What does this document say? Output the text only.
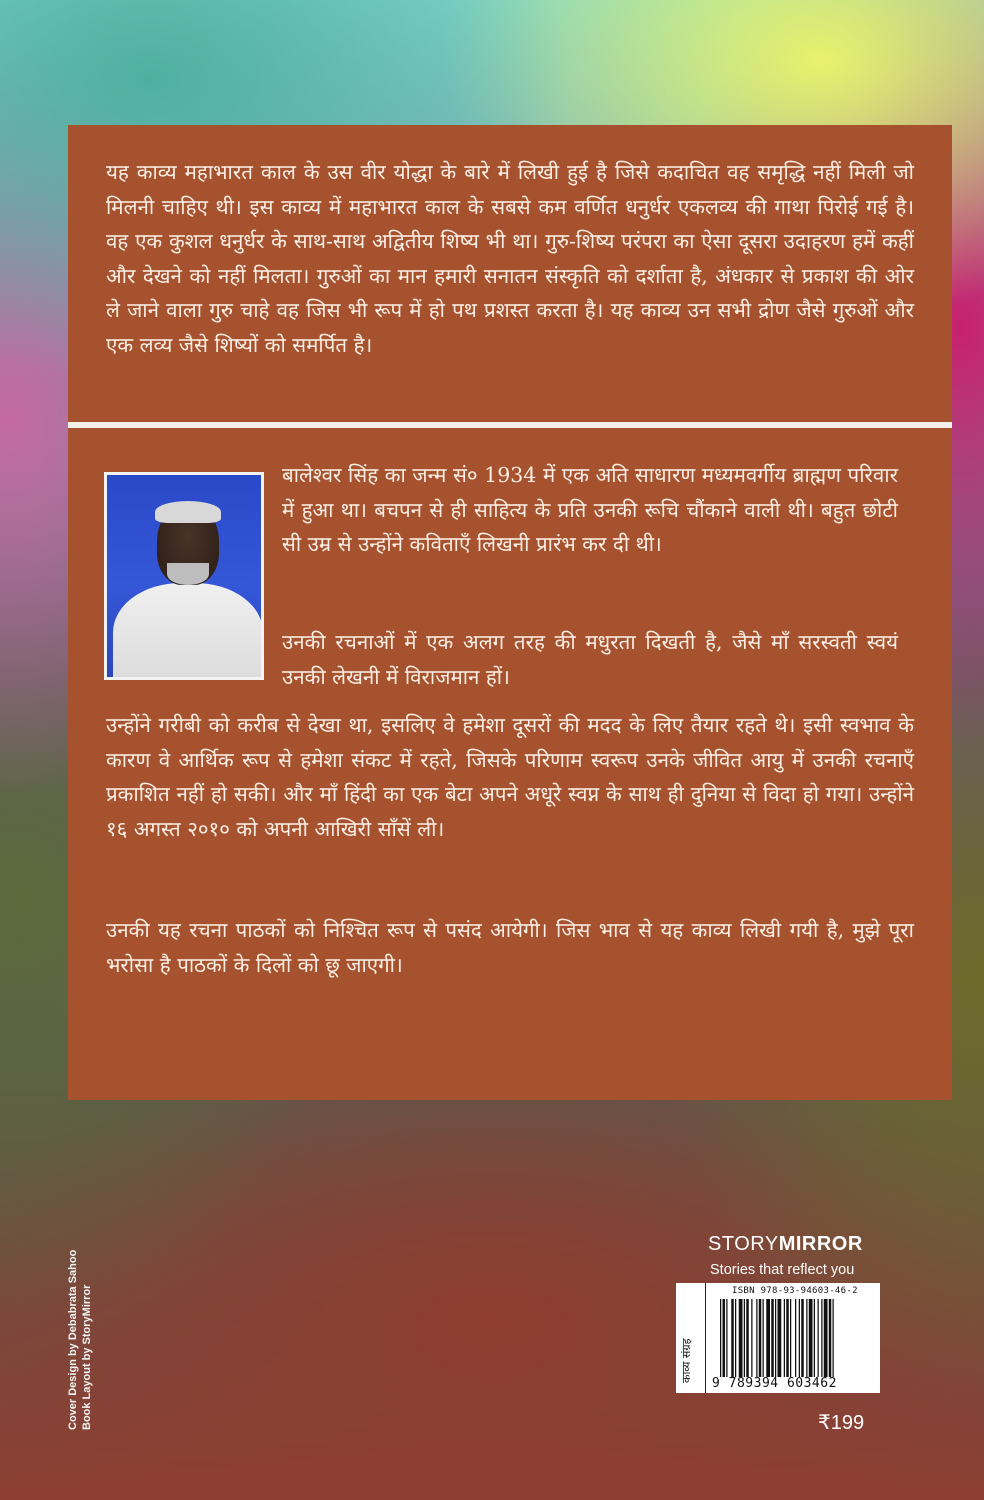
यह काव्य महाभारत काल के उस वीर योद्धा के बारे में लिखी हुई है जिसे कदाचित वह समृद्धि नहीं मिली जो मिलनी चाहिए थी। इस काव्य में महाभारत काल के सबसे कम वर्णित धनुर्धर एकलव्य की गाथा पिरोई गई है। वह एक कुशल धनुर्धर के साथ-साथ अद्वितीय शिष्य भी था। गुरु-शिष्य परंपरा का ऐसा दूसरा उदाहरण हमें कहीं और देखने को नहीं मिलता। गुरुओं का मान हमारी सनातन संस्कृति को दर्शाता है, अंधकार से प्रकाश की ओर ले जाने वाला गुरु चाहे वह जिस भी रूप में हो पथ प्रशस्त करता है। यह काव्य उन सभी द्रोण जैसे गुरुओं और एक लव्य जैसे शिष्यों को समर्पित है।

बालेश्वर सिंह का जन्म सं० 1934 में एक अति साधारण मध्यमवर्गीय ब्राह्मण परिवार में हुआ था। बचपन से ही साहित्य के प्रति उनकी रूचि चौंकाने वाली थी। बहुत छोटी सी उम्र से उन्होंने कविताएँ लिखनी प्रारंभ कर दी थी।

उनकी रचनाओं में एक अलग तरह की मधुरता दिखती है, जैसे माँ सरस्वती स्वयं उनकी लेखनी में विराजमान हों।

उन्होंने गरीबी को करीब से देखा था, इसलिए वे हमेशा दूसरों की मदद के लिए तैयार रहते थे। इसी स्वभाव के कारण वे आर्थिक रूप से हमेशा संकट में रहते, जिसके परिणाम स्वरूप उनके जीवित आयु में उनकी रचनाएँ प्रकाशित नहीं हो सकी। और माँ हिंदी का एक बेटा अपने अधूरे स्वप्न के साथ ही दुनिया से विदा हो गया। उन्होंने १६ अगस्त २०१० को अपनी आखिरी साँसें ली।

उनकी यह रचना पाठकों को निश्चित रूप से पसंद आयेगी। जिस भाव से यह काव्य लिखी गयी है, मुझे पूरा भरोसा है पाठकों के दिलों को छू जाएगी।

Cover Design by Debabrata Sahoo Book Layout by StoryMirror
STORYMIRROR
Stories that reflect you
काव्य संग्रह
ISBN 978-93-94603-46-2
9 789394 603462
₹199
